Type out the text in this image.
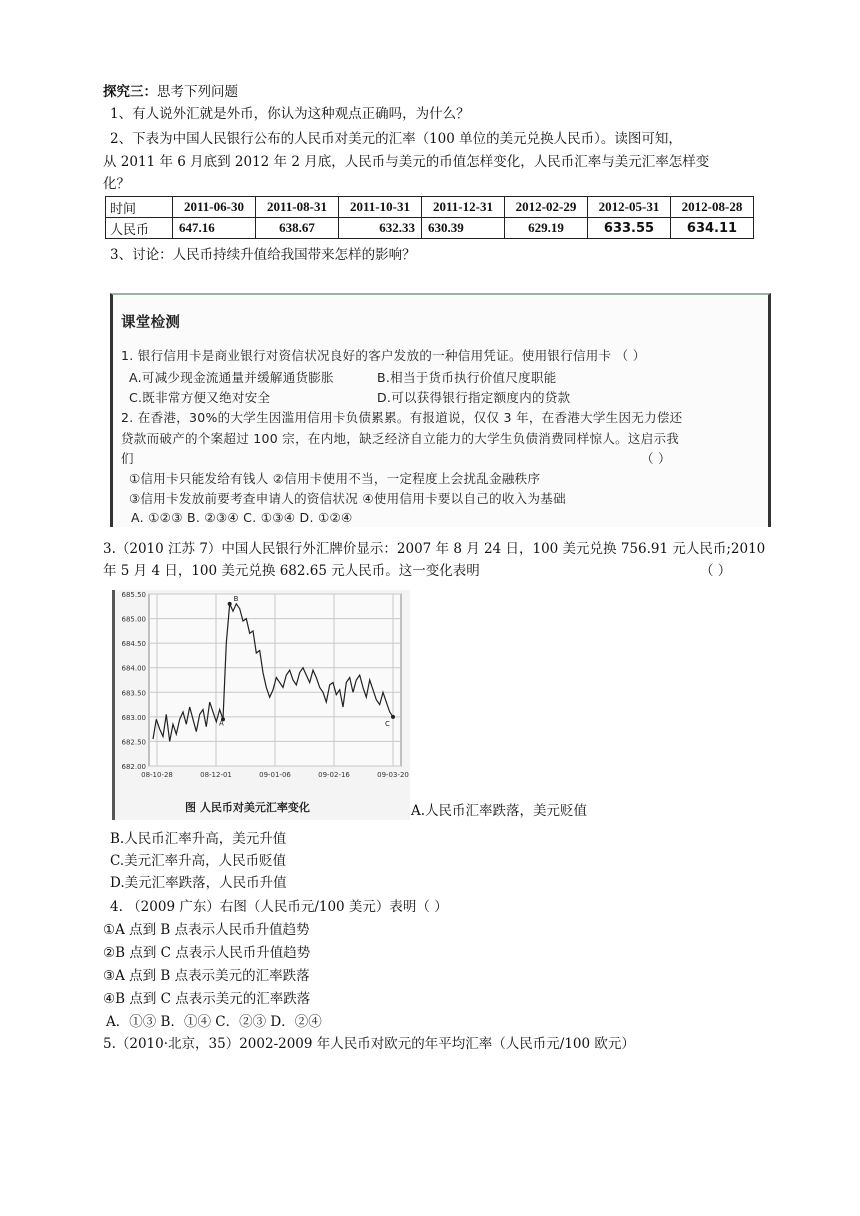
探究三：思考下列问题
1、有人说外汇就是外币，你认为这种观点正确吗，为什么？
2、下表为中国人民银行公布的人民币对美元的汇率（100 单位的美元兑换人民币）。读图可知，
从 2011 年 6 月底到 2012 年 2 月底，人民币与美元的币值怎样变化，人民币汇率与美元汇率怎样变
化？
时间	2011-06-30	2011-08-31	2011-10-31	2011-12-31	2012-02-29	2012-05-31	2012-08-28
人民币	647.16	638.67	632.33	630.39	629.19	633.55	634.11
3、讨论：人民币持续升值给我国带来怎样的影响？
课堂检测
1. 银行信用卡是商业银行对资信状况良好的客户发放的一种信用凭证。使用银行信用卡 （ ）
A.可减少现金流通量并缓解通货膨胀	B.相当于货币执行价值尺度职能
C.既非常方便又绝对安全	D.可以获得银行指定额度内的贷款
2. 在香港，30%的大学生因滥用信用卡负债累累。有报道说，仅仅 3 年，在香港大学生因无力偿还
贷款而破产的个案超过 100 宗，在内地，缺乏经济自立能力的大学生负债消费同样惊人。这启示我
们	（ ）
①信用卡只能发给有钱人 ②信用卡使用不当，一定程度上会扰乱金融秩序
③信用卡发放前要考查申请人的资信状况 ④使用信用卡要以自己的收入为基础
A. ①②③ B. ②③④ C. ①③④ D. ①②④
3.（2010 江苏 7）中国人民银行外汇牌价显示：2007 年 8 月 24 日，100 美元兑换 756.91 元人民币;2010
年 5 月 4 日，100 美元兑换 682.65 元人民币。这一变化表明	（ ）
685.50
685.00
684.50
684.00
683.50
683.00
682.50
682.00
08-10-28	08-12-01	09-01-06	09-02-16	09-03-20
A
B
C
图 人民币对美元汇率变化	A.人民币汇率跌落，美元贬值
B.人民币汇率升高，美元升值
C.美元汇率升高，人民币贬值
D.美元汇率跌落，人民币升值
4. （2009 广东）右图（人民币元/100 美元）表明（ ）
①A 点到 B 点表示人民币升值趋势
②B 点到 C 点表示人民币升值趋势
③A 点到 B 点表示美元的汇率跌落
④B 点到 C 点表示美元的汇率跌落
A．①③ B．①④ C．②③ D．②④
5.（2010·北京，35）2002-2009 年人民币对欧元的年平均汇率（人民币元/100 欧元）
